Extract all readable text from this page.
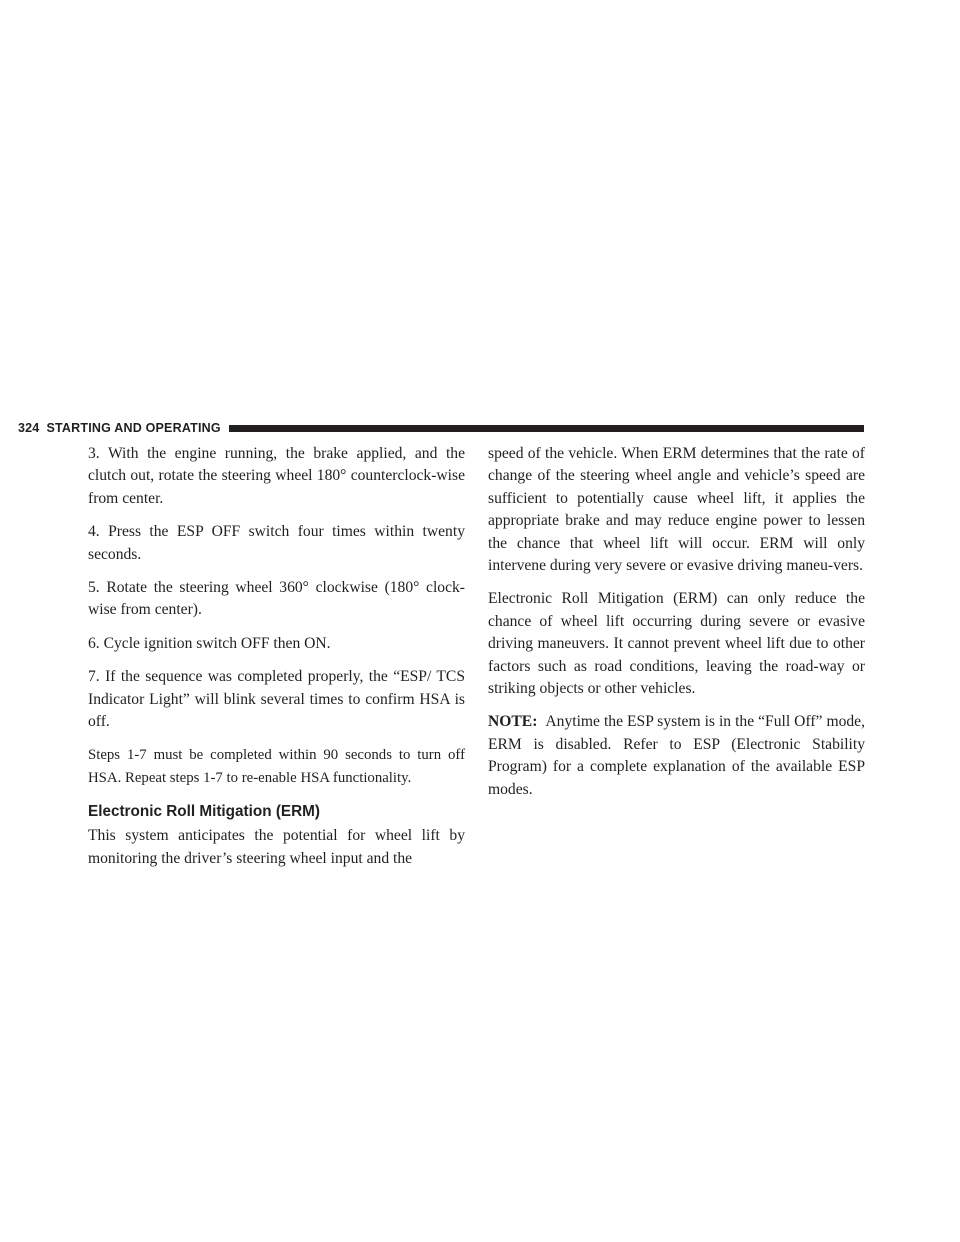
324 STARTING AND OPERATING

3. With the engine running, the brake applied, and the clutch out, rotate the steering wheel 180° counterclock-wise from center.

4. Press the ESP OFF switch four times within twenty seconds.

5. Rotate the steering wheel 360° clockwise (180° clock-wise from center).

6. Cycle ignition switch OFF then ON.

7. If the sequence was completed properly, the “ESP/ TCS Indicator Light” will blink several times to confirm HSA is off.

Steps 1-7 must be completed within 90 seconds to turn off HSA. Repeat steps 1-7 to re-enable HSA functionality.

Electronic Roll Mitigation (ERM)

This system anticipates the potential for wheel lift by monitoring the driver’s steering wheel input and the

speed of the vehicle. When ERM determines that the rate of change of the steering wheel angle and vehicle’s speed are sufficient to potentially cause wheel lift, it applies the appropriate brake and may reduce engine power to lessen the chance that wheel lift will occur. ERM will only intervene during very severe or evasive driving maneu-vers.

Electronic Roll Mitigation (ERM) can only reduce the chance of wheel lift occurring during severe or evasive driving maneuvers. It cannot prevent wheel lift due to other factors such as road conditions, leaving the road-way or striking objects or other vehicles.

NOTE: Anytime the ESP system is in the “Full Off” mode, ERM is disabled. Refer to ESP (Electronic Stability Program) for a complete explanation of the available ESP modes.
